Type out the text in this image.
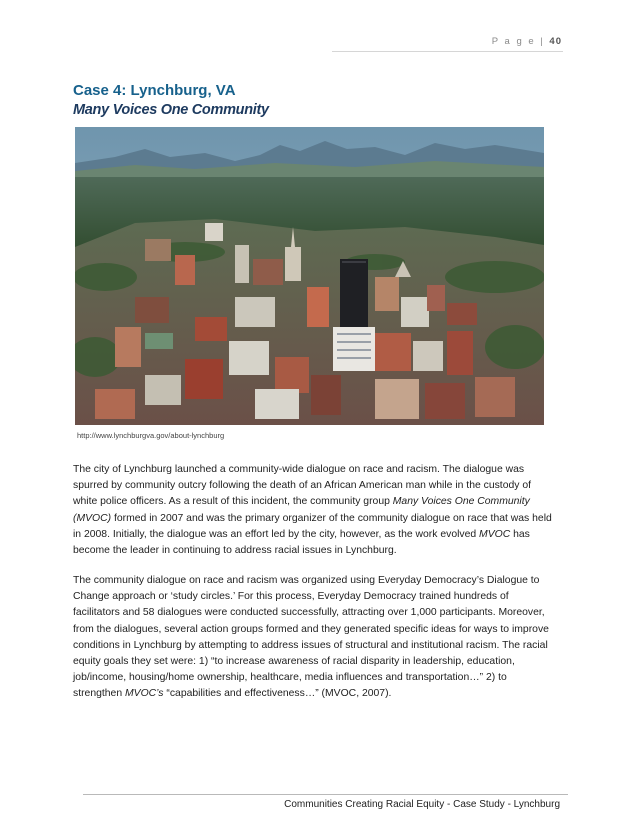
P a g e | 40
Case 4: Lynchburg, VA
Many Voices One Community
http://www.lynchburgva.gov/about-lynchburg
The city of Lynchburg launched a community-wide dialogue on race and racism. The dialogue was spurred by community outcry following the death of an African American man while in the custody of white police officers. As a result of this incident, the community group Many Voices One Community (MVOC) formed in 2007 and was the primary organizer of the community dialogue on race that was held in 2008. Initially, the dialogue was an effort led by the city, however, as the work evolved MVOC has become the leader in continuing to address racial issues in Lynchburg.
The community dialogue on race and racism was organized using Everyday Democracy’s Dialogue to Change approach or ‘study circles.’ For this process, Everyday Democracy trained hundreds of facilitators and 58 dialogues were conducted successfully, attracting over 1,000 participants. Moreover, from the dialogues, several action groups formed and they generated specific ideas for ways to improve conditions in Lynchburg by attempting to address issues of structural and institutional racism. The racial equity goals they set were: 1) “to increase awareness of racial disparity in leadership, education, job/income, housing/home ownership, healthcare, media influences and transportation…” 2) to strengthen MVOC’s “capabilities and effectiveness…” (MVOC, 2007).
Communities Creating Racial Equity - Case Study - Lynchburg
